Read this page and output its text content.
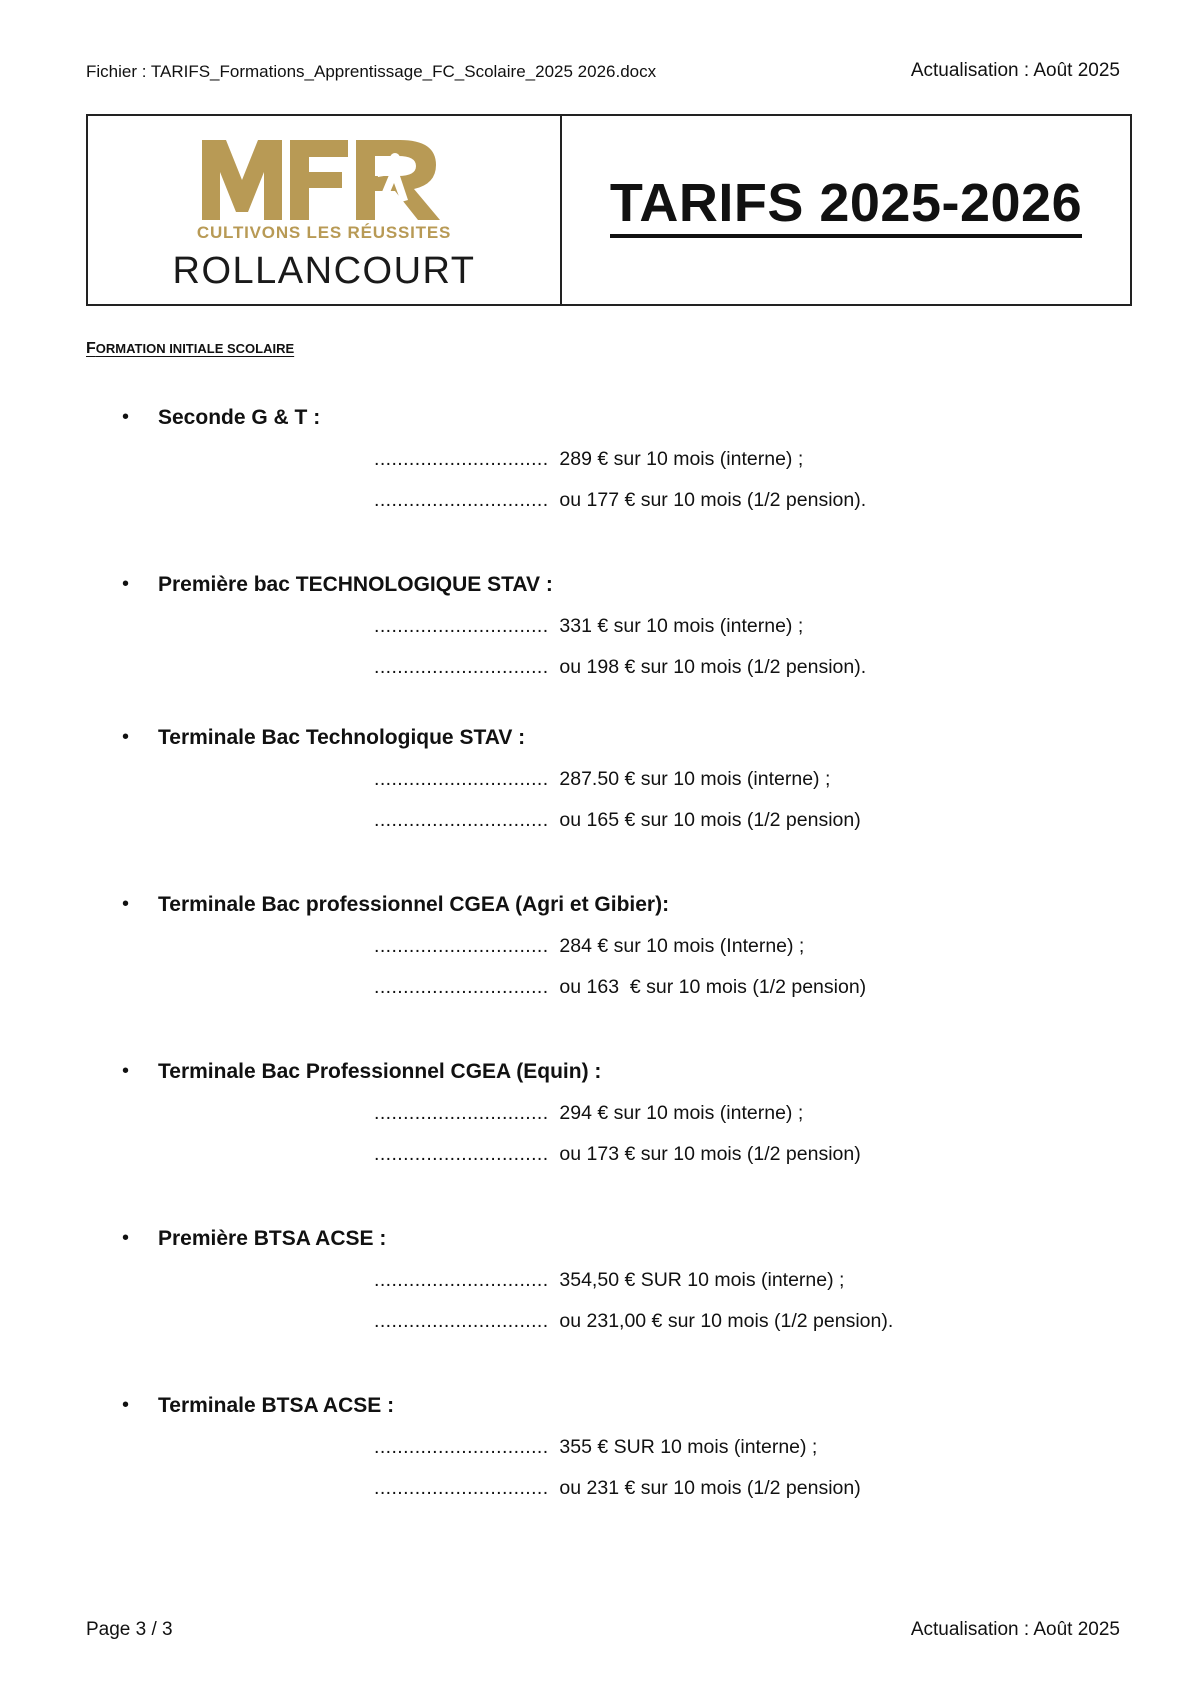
Fichier : TARIFS_Formations_Apprentissage_FC_Scolaire_2025 2026.docx	Actualisation : Août 2025
CULTIVONS LES RÉUSSITES
ROLLANCOURT
TARIFS 2025-2026
FORMATION INITIALE SCOLAIRE
• Seconde G & T :
.............................. 289 € sur 10 mois (interne) ;
.............................. ou 177 € sur 10 mois (1/2 pension).
• Première bac TECHNOLOGIQUE STAV :
.............................. 331 € sur 10 mois (interne) ;
.............................. ou 198 € sur 10 mois (1/2 pension).
• Terminale Bac Technologique STAV :
.............................. 287.50 € sur 10 mois (interne) ;
.............................. ou 165 € sur 10 mois (1/2 pension)
• Terminale Bac professionnel CGEA (Agri et Gibier):
.............................. 284 € sur 10 mois (Interne) ;
.............................. ou 163  € sur 10 mois (1/2 pension)
• Terminale Bac Professionnel CGEA (Equin) :
.............................. 294 € sur 10 mois (interne) ;
.............................. ou 173 € sur 10 mois (1/2 pension)
• Première BTSA ACSE :
.............................. 354,50 € SUR 10 mois (interne) ;
.............................. ou 231,00 € sur 10 mois (1/2 pension).
• Terminale BTSA ACSE :
.............................. 355 € SUR 10 mois (interne) ;
.............................. ou 231 € sur 10 mois (1/2 pension)
Page 3 / 3	Actualisation : Août 2025
